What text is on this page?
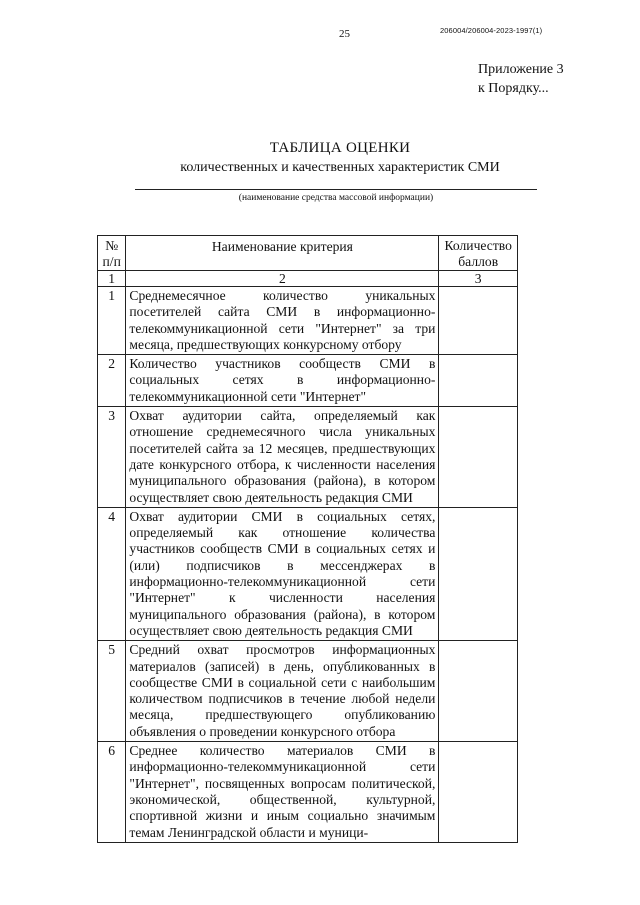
25	206004/206004-2023-1997(1)
Приложение 3
к Порядку...
ТАБЛИЦА ОЦЕНКИ
количественных и качественных характеристик СМИ
(наименование средства массовой информации)
№ п/п	Наименование критерия	Количество баллов

1	2	3
1	Среднемесячное количество уникальных посетителей сайта СМИ в информационно-телекоммуникационной сети "Интернет" за три месяца, предшествующих конкурсному отбору	
2	Количество участников сообществ СМИ в социальных сетях в информационно-телекоммуникационной сети "Интернет"	
3	Охват аудитории сайта, определяемый как отношение среднемесячного числа уникальных посетителей сайта за 12 месяцев, предшествующих дате конкурсного отбора, к численности населения муниципального образования (района), в котором осуществляет свою деятельность редакция СМИ	
4	Охват аудитории СМИ в социальных сетях, определяемый как отношение количества участников сообществ СМИ в социальных сетях и (или) подписчиков в мессенджерах в информационно-телекоммуникационной сети "Интернет" к численности населения муниципального образования (района), в котором осуществляет свою деятельность редакция СМИ	
5	Средний охват просмотров информационных материалов (записей) в день, опубликованных в сообществе СМИ в социальной сети с наибольшим количеством подписчиков в течение любой недели месяца, предшествующего опубликованию объявления о проведении конкурсного отбора	
6	Среднее количество материалов СМИ в информационно-телекоммуникационной сети "Интернет", посвященных вопросам политической, экономической, общественной, культурной, спортивной жизни и иным социально значимым темам Ленинградской области и муници-	
